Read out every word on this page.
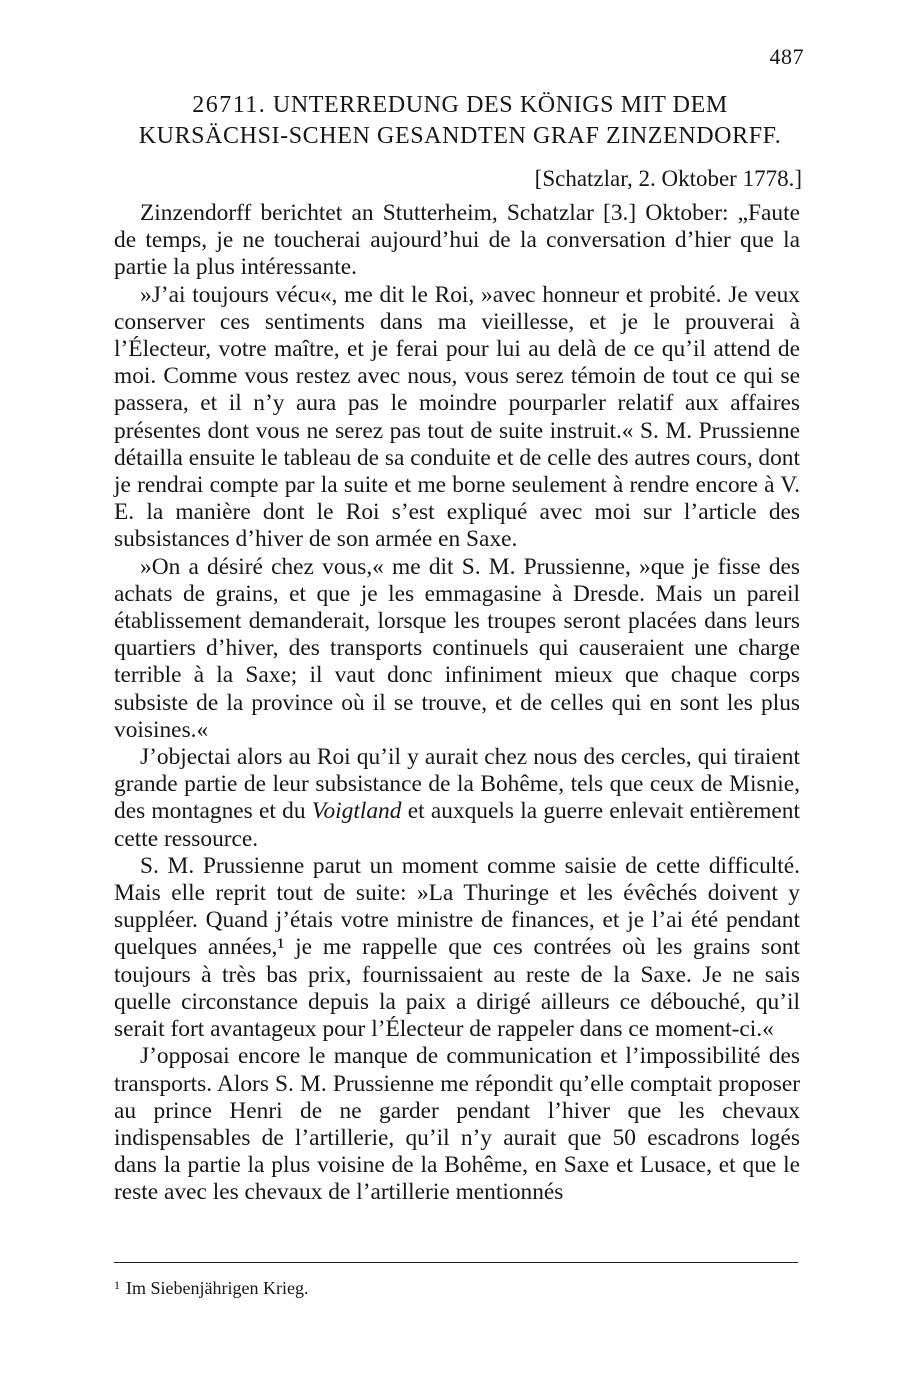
487
26711. UNTERREDUNG DES KÖNIGS MIT DEM KURSÄCHSI-SCHEN GESANDTEN GRAF ZINZENDORFF.
[Schatzlar, 2. Oktober 1778.]

Zinzendorff berichtet an Stutterheim, Schatzlar [3.] Oktober: „Faute de temps, je ne toucherai aujourd’hui de la conversation d’hier que la partie la plus intéressante.

»J’ai toujours vécu«, me dit le Roi, »avec honneur et probité. Je veux conserver ces sentiments dans ma vieillesse, et je le prouverai à l’Électeur, votre maître, et je ferai pour lui au delà de ce qu’il attend de moi. Comme vous restez avec nous, vous serez témoin de tout ce qui se passera, et il n’y aura pas le moindre pourparler relatif aux affaires présentes dont vous ne serez pas tout de suite instruit.« S. M. Prussienne détailla ensuite le tableau de sa conduite et de celle des autres cours, dont je rendrai compte par la suite et me borne seulement à rendre encore à V. E. la manière dont le Roi s’est expliqué avec moi sur l’article des subsistances d’hiver de son armée en Saxe.

»On a désiré chez vous,« me dit S. M. Prussienne, »que je fisse des achats de grains, et que je les emmagasine à Dresde. Mais un pareil établissement demanderait, lorsque les troupes seront placées dans leurs quartiers d’hiver, des transports continuels qui causeraient une charge terrible à la Saxe; il vaut donc infiniment mieux que chaque corps subsiste de la province où il se trouve, et de celles qui en sont les plus voisines.«

J’objectai alors au Roi qu’il y aurait chez nous des cercles, qui tiraient grande partie de leur subsistance de la Bohême, tels que ceux de Misnie, des montagnes et du Voigtland et auxquels la guerre enlevait entièrement cette ressource.

S. M. Prussienne parut un moment comme saisie de cette difficulté. Mais elle reprit tout de suite: »La Thuringe et les évêchés doivent y suppléer. Quand j’étais votre ministre de finances, et je l’ai été pendant quelques années,¹ je me rappelle que ces contrées où les grains sont toujours à très bas prix, fournissaient au reste de la Saxe. Je ne sais quelle circonstance depuis la paix a dirigé ailleurs ce débouché, qu’il serait fort avantageux pour l’Électeur de rappeler dans ce moment-ci.«

J’opposai encore le manque de communication et l’impossibilité des transports. Alors S. M. Prussienne me répondit qu’elle comptait proposer au prince Henri de ne garder pendant l’hiver que les chevaux indispensables de l’artillerie, qu’il n’y aurait que 50 escadrons logés dans la partie la plus voisine de la Bohême, en Saxe et Lusace, et que le reste avec les chevaux de l’artillerie mentionnés

$^1$ Im Siebenjährigen Krieg.
